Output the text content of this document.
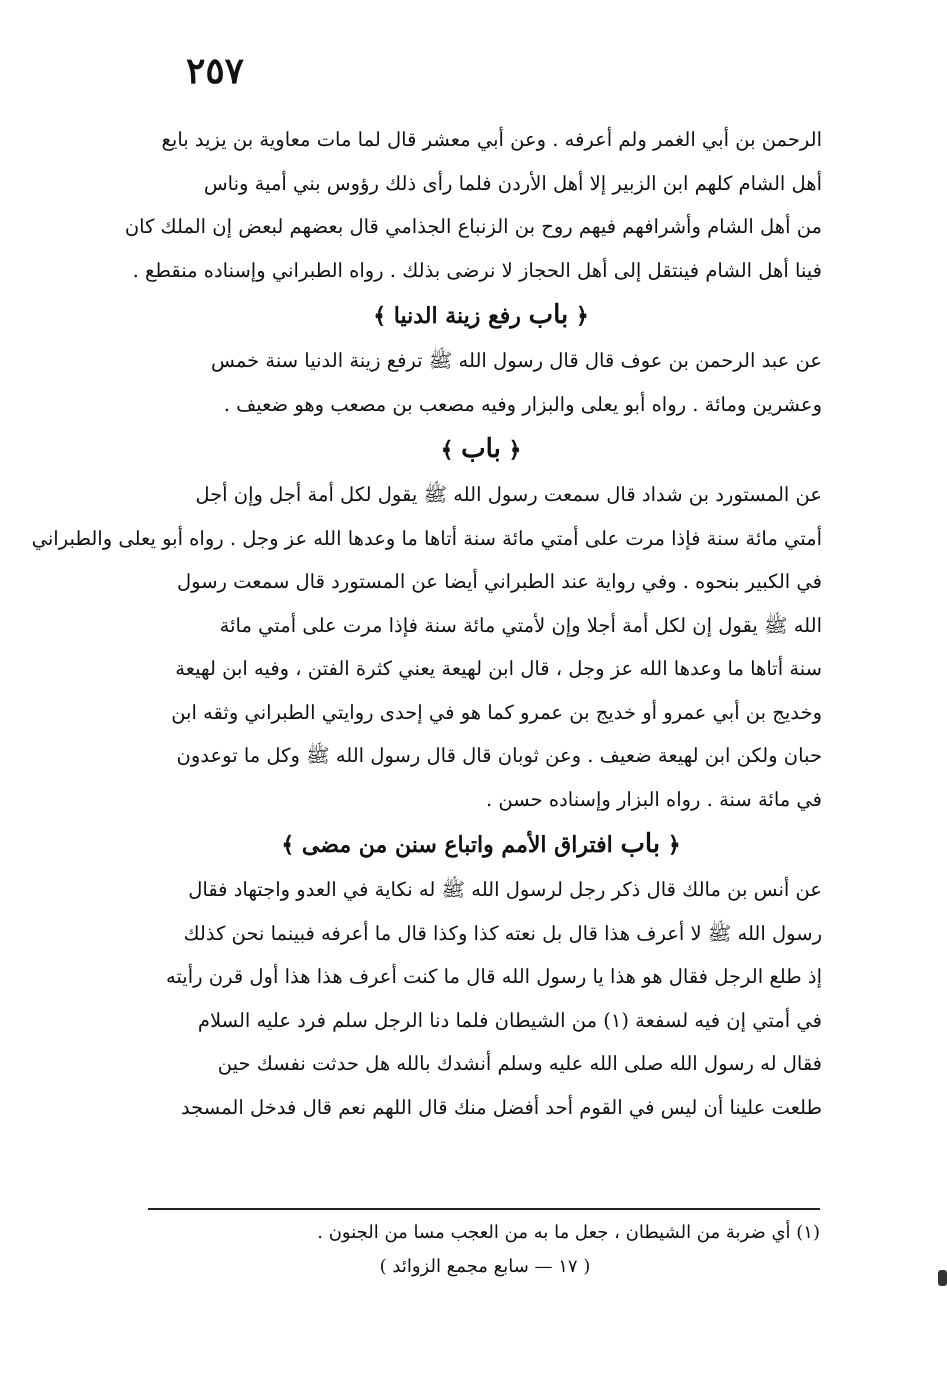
٢٥٧
الرحمن بن أبي الغمر ولم أعرفه . وعن أبي معشر قال لما مات معاوية بن يزيد بايع
أهل الشام كلهم ابن الزبير إلا أهل الأردن فلما رأى ذلك رؤوس بني أمية وناس
من أهل الشام وأشرافهم فيهم روح بن الزنباع الجذامي قال بعضهم لبعض إن الملك كان
فينا أهل الشام فينتقل إلى أهل الحجاز لا نرضى بذلك . رواه الطبراني وإسناده منقطع .
﴿ باب رفع زينة الدنيا ﴾
عن عبد الرحمن بن عوف قال قال رسول الله ﷺ ترفع زينة الدنيا سنة خمس
وعشرين ومائة . رواه أبو يعلى والبزار وفيه مصعب بن مصعب وهو ضعيف .
﴿ باب ﴾
عن المستورد بن شداد قال سمعت رسول الله ﷺ يقول لكل أمة أجل وإن أجل
أمتي مائة سنة فإذا مرت على أمتي مائة سنة أتاها ما وعدها الله عز وجل . رواه أبو يعلى والطبراني
في الكبير بنحوه . وفي رواية عند الطبراني أيضا عن المستورد قال سمعت رسول
الله ﷺ يقول إن لكل أمة أجلا وإن لأمتي مائة سنة فإذا مرت على أمتي مائة
سنة أتاها ما وعدها الله عز وجل ، قال ابن لهيعة يعني كثرة الفتن ، وفيه ابن لهيعة
وخديج بن أبي عمرو أو خديج بن عمرو كما هو في إحدى روايتي الطبراني وثقه ابن
حبان ولكن ابن لهيعة ضعيف . وعن ثوبان قال قال رسول الله ﷺ وكل ما توعدون
في مائة سنة . رواه البزار وإسناده حسن .
﴿ باب افتراق الأمم واتباع سنن من مضى ﴾
عن أنس بن مالك قال ذكر رجل لرسول الله ﷺ له نكاية في العدو واجتهاد فقال
رسول الله ﷺ لا أعرف هذا قال بل نعته كذا وكذا قال ما أعرفه فبينما نحن كذلك
إذ طلع الرجل فقال هو هذا يا رسول الله قال ما كنت أعرف هذا هذا أول قرن رأيته
في أمتي إن فيه لسفعة (١) من الشيطان فلما دنا الرجل سلم فرد عليه السلام
فقال له رسول الله صلى الله عليه وسلم أنشدك بالله هل حدثت نفسك حين
طلعت علينا أن ليس في القوم أحد أفضل منك قال اللهم نعم قال فدخل المسجد
(١) أي ضربة من الشيطان ، جعل ما به من العجب مسا من الجنون .
( ١٧ — سابع مجمع الزوائد )
